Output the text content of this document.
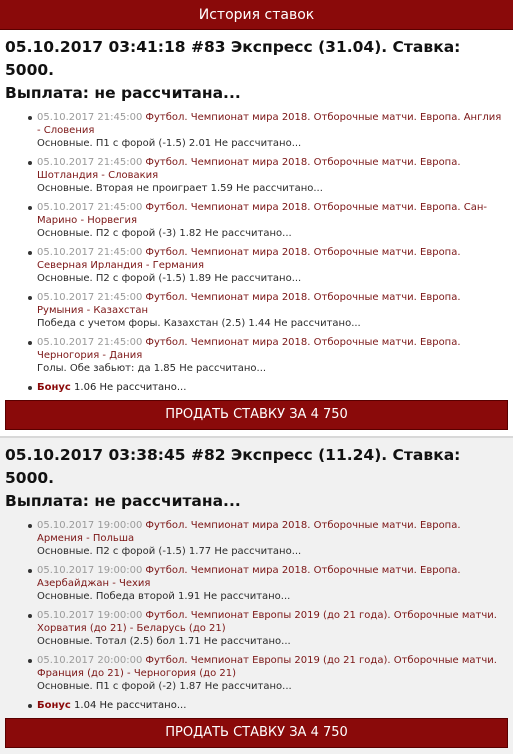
История ставок
05.10.2017 03:41:18 #83 Экспресс (31.04). Ставка: 5000.
Выплата: не рассчитана...
05.10.2017 21:45:00 Футбол. Чемпионат мира 2018. Отборочные матчи. Европа. Англия - Словения
Основные. П1 с форой (-1.5) 2.01 Не рассчитано...
05.10.2017 21:45:00 Футбол. Чемпионат мира 2018. Отборочные матчи. Европа. Шотландия - Словакия
Основные. Вторая не проиграет 1.59 Не рассчитано...
05.10.2017 21:45:00 Футбол. Чемпионат мира 2018. Отборочные матчи. Европа. Сан-Марино - Норвегия
Основные. П2 с форой (-3) 1.82 Не рассчитано...
05.10.2017 21:45:00 Футбол. Чемпионат мира 2018. Отборочные матчи. Европа. Северная Ирландия - Германия
Основные. П2 с форой (-1.5) 1.89 Не рассчитано...
05.10.2017 21:45:00 Футбол. Чемпионат мира 2018. Отборочные матчи. Европа. Румыния - Казахстан
Победа с учетом форы. Казахстан (2.5) 1.44 Не рассчитано...
05.10.2017 21:45:00 Футбол. Чемпионат мира 2018. Отборочные матчи. Европа. Черногория - Дания
Голы. Обе забьют: да 1.85 Не рассчитано...
Бонус 1.06 Не рассчитано...
ПРОДАТЬ СТАВКУ ЗА 4 750
05.10.2017 03:38:45 #82 Экспресс (11.24). Ставка: 5000.
Выплата: не рассчитана...
05.10.2017 19:00:00 Футбол. Чемпионат мира 2018. Отборочные матчи. Европа. Армения - Польша
Основные. П2 с форой (-1.5) 1.77 Не рассчитано...
05.10.2017 19:00:00 Футбол. Чемпионат мира 2018. Отборочные матчи. Европа. Азербайджан - Чехия
Основные. Победа второй 1.91 Не рассчитано...
05.10.2017 19:00:00 Футбол. Чемпионат Европы 2019 (до 21 года). Отборочные матчи. Хорватия (до 21) - Беларусь (до 21)
Основные. Тотал (2.5) бол 1.71 Не рассчитано...
05.10.2017 20:00:00 Футбол. Чемпионат Европы 2019 (до 21 года). Отборочные матчи. Франция (до 21) - Черногория (до 21)
Основные. П1 с форой (-2) 1.87 Не рассчитано...
Бонус 1.04 Не рассчитано...
ПРОДАТЬ СТАВКУ ЗА 4 750
